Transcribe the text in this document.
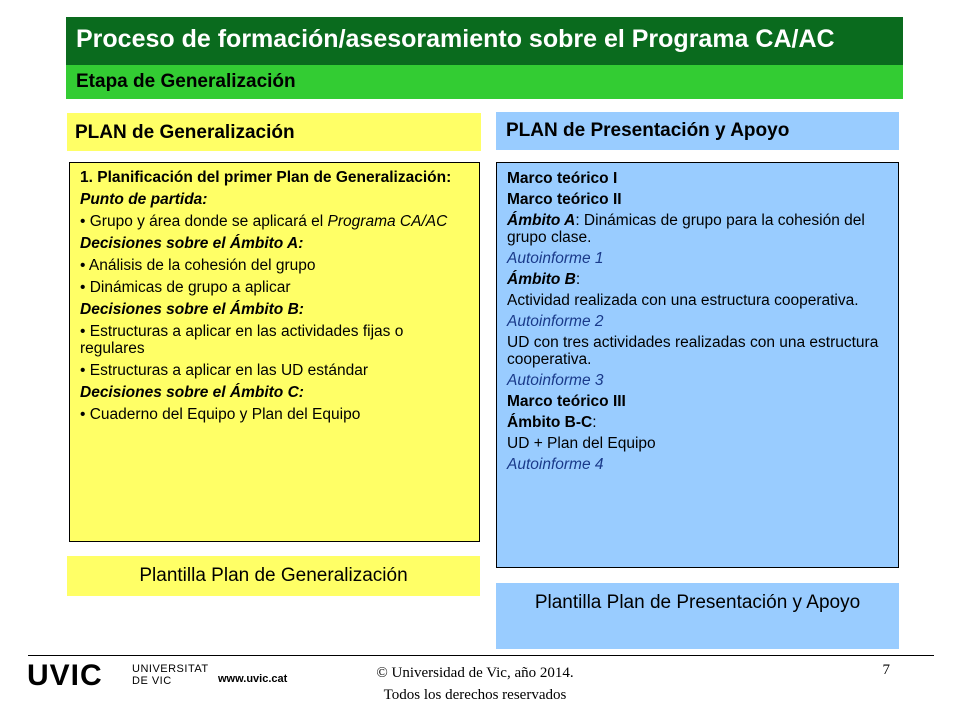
Proceso de formación/asesoramiento sobre el Programa CA/AC
Etapa de Generalización
PLAN de Generalización	PLAN de Presentación y Apoyo

1. Planificación del primer Plan de Generalización:

Punto de partida:

• Grupo y área donde se aplicará el Programa CA/AC

Decisiones sobre el Ámbito A:

• Análisis de la cohesión del grupo

• Dinámicas de grupo a aplicar

Decisiones sobre el Ámbito B:

• Estructuras a aplicar en las actividades fijas o regulares

• Estructuras a aplicar en las UD estándar

Decisiones sobre el Ámbito C:

• Cuaderno del Equipo y Plan del Equipo

Marco teórico I

Marco teórico II

Ámbito A: Dinámicas de grupo para la cohesión del grupo clase.

Autoinforme 1

Ámbito B:

Actividad realizada con una estructura cooperativa.

Autoinforme 2

UD con tres actividades realizadas con una estructura cooperativa.

Autoinforme 3

Marco teórico III

Ámbito B-C:

UD + Plan del Equipo

Autoinforme 4

Plantilla Plan de Generalización
Plantilla Plan de Presentación y Apoyo
UVIC	UNIVERSITAT
DE VIC	www.uvic.cat	© Universidad de Vic, año 2014.
Todos los derechos reservados
7
